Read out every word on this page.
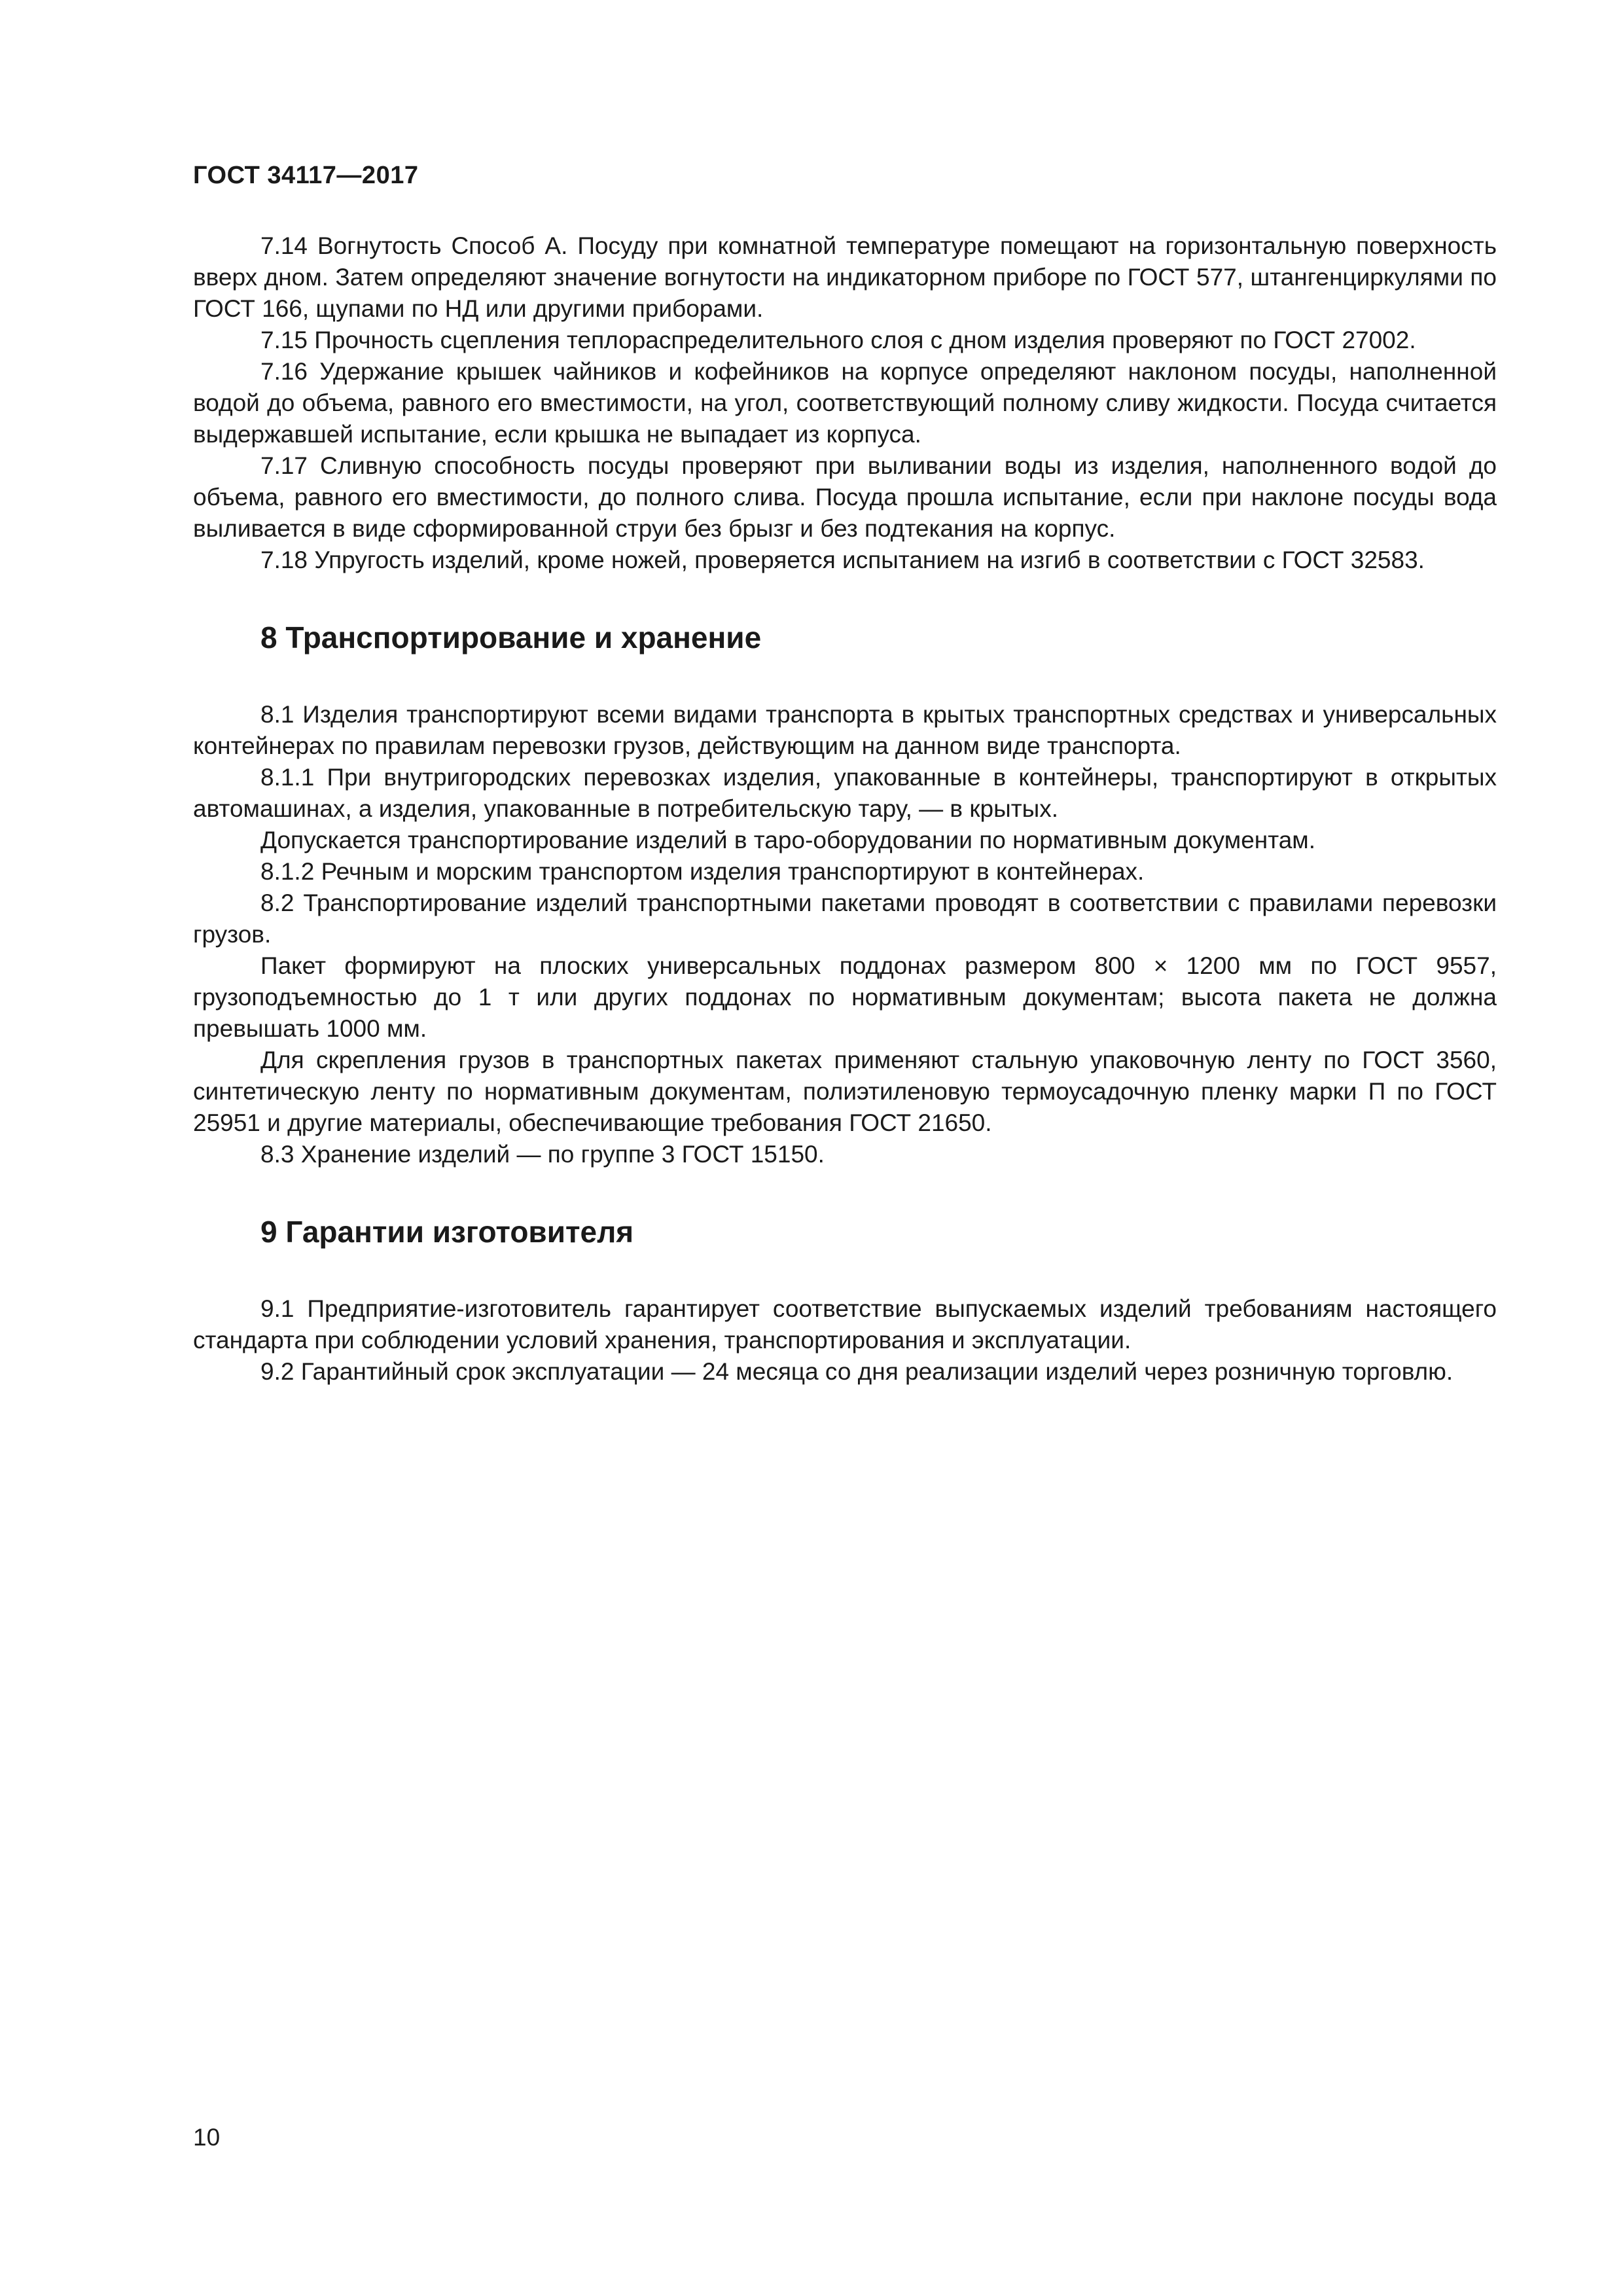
ГОСТ 34117—2017

7.14 Вогнутость Способ А. Посуду при комнатной температуре помещают на горизонтальную поверхность вверх дном. Затем определяют значение вогнутости на индикаторном приборе по ГОСТ 577, штангенциркулями по ГОСТ 166, щупами по НД или другими приборами.

7.15 Прочность сцепления теплораспределительного слоя с дном изделия проверяют по ГОСТ 27002.

7.16 Удержание крышек чайников и кофейников на корпусе определяют наклоном посуды, наполненной водой до объема, равного его вместимости, на угол, соответствующий полному сливу жидкости. Посуда считается выдержавшей испытание, если крышка не выпадает из корпуса.

7.17 Сливную способность посуды проверяют при выливании воды из изделия, наполненного водой до объема, равного его вместимости, до полного слива. Посуда прошла испытание, если при наклоне посуды вода выливается в виде сформированной струи без брызг и без подтекания на корпус.

7.18 Упругость изделий, кроме ножей, проверяется испытанием на изгиб в соответствии с ГОСТ 32583.

8 Транспортирование и хранение

8.1 Изделия транспортируют всеми видами транспорта в крытых транспортных средствах и универсальных контейнерах по правилам перевозки грузов, действующим на данном виде транспорта.

8.1.1 При внутригородских перевозках изделия, упакованные в контейнеры, транспортируют в открытых автомашинах, а изделия, упакованные в потребительскую тару, — в крытых.

Допускается транспортирование изделий в таро-оборудовании по нормативным документам.

8.1.2 Речным и морским транспортом изделия транспортируют в контейнерах.

8.2 Транспортирование изделий транспортными пакетами проводят в соответствии с правилами перевозки грузов.

Пакет формируют на плоских универсальных поддонах размером 800 × 1200 мм по ГОСТ 9557, грузоподъемностью до 1 т или других поддонах по нормативным документам; высота пакета не должна превышать 1000 мм.

Для скрепления грузов в транспортных пакетах применяют стальную упаковочную ленту по ГОСТ 3560, синтетическую ленту по нормативным документам, полиэтиленовую термоусадочную пленку марки П по ГОСТ 25951 и другие материалы, обеспечивающие требования ГОСТ 21650.

8.3 Хранение изделий — по группе 3 ГОСТ 15150.

9 Гарантии изготовителя

9.1 Предприятие-изготовитель гарантирует соответствие выпускаемых изделий требованиям настоящего стандарта при соблюдении условий хранения, транспортирования и эксплуатации.

9.2 Гарантийный срок эксплуатации — 24 месяца со дня реализации изделий через розничную торговлю.

10
